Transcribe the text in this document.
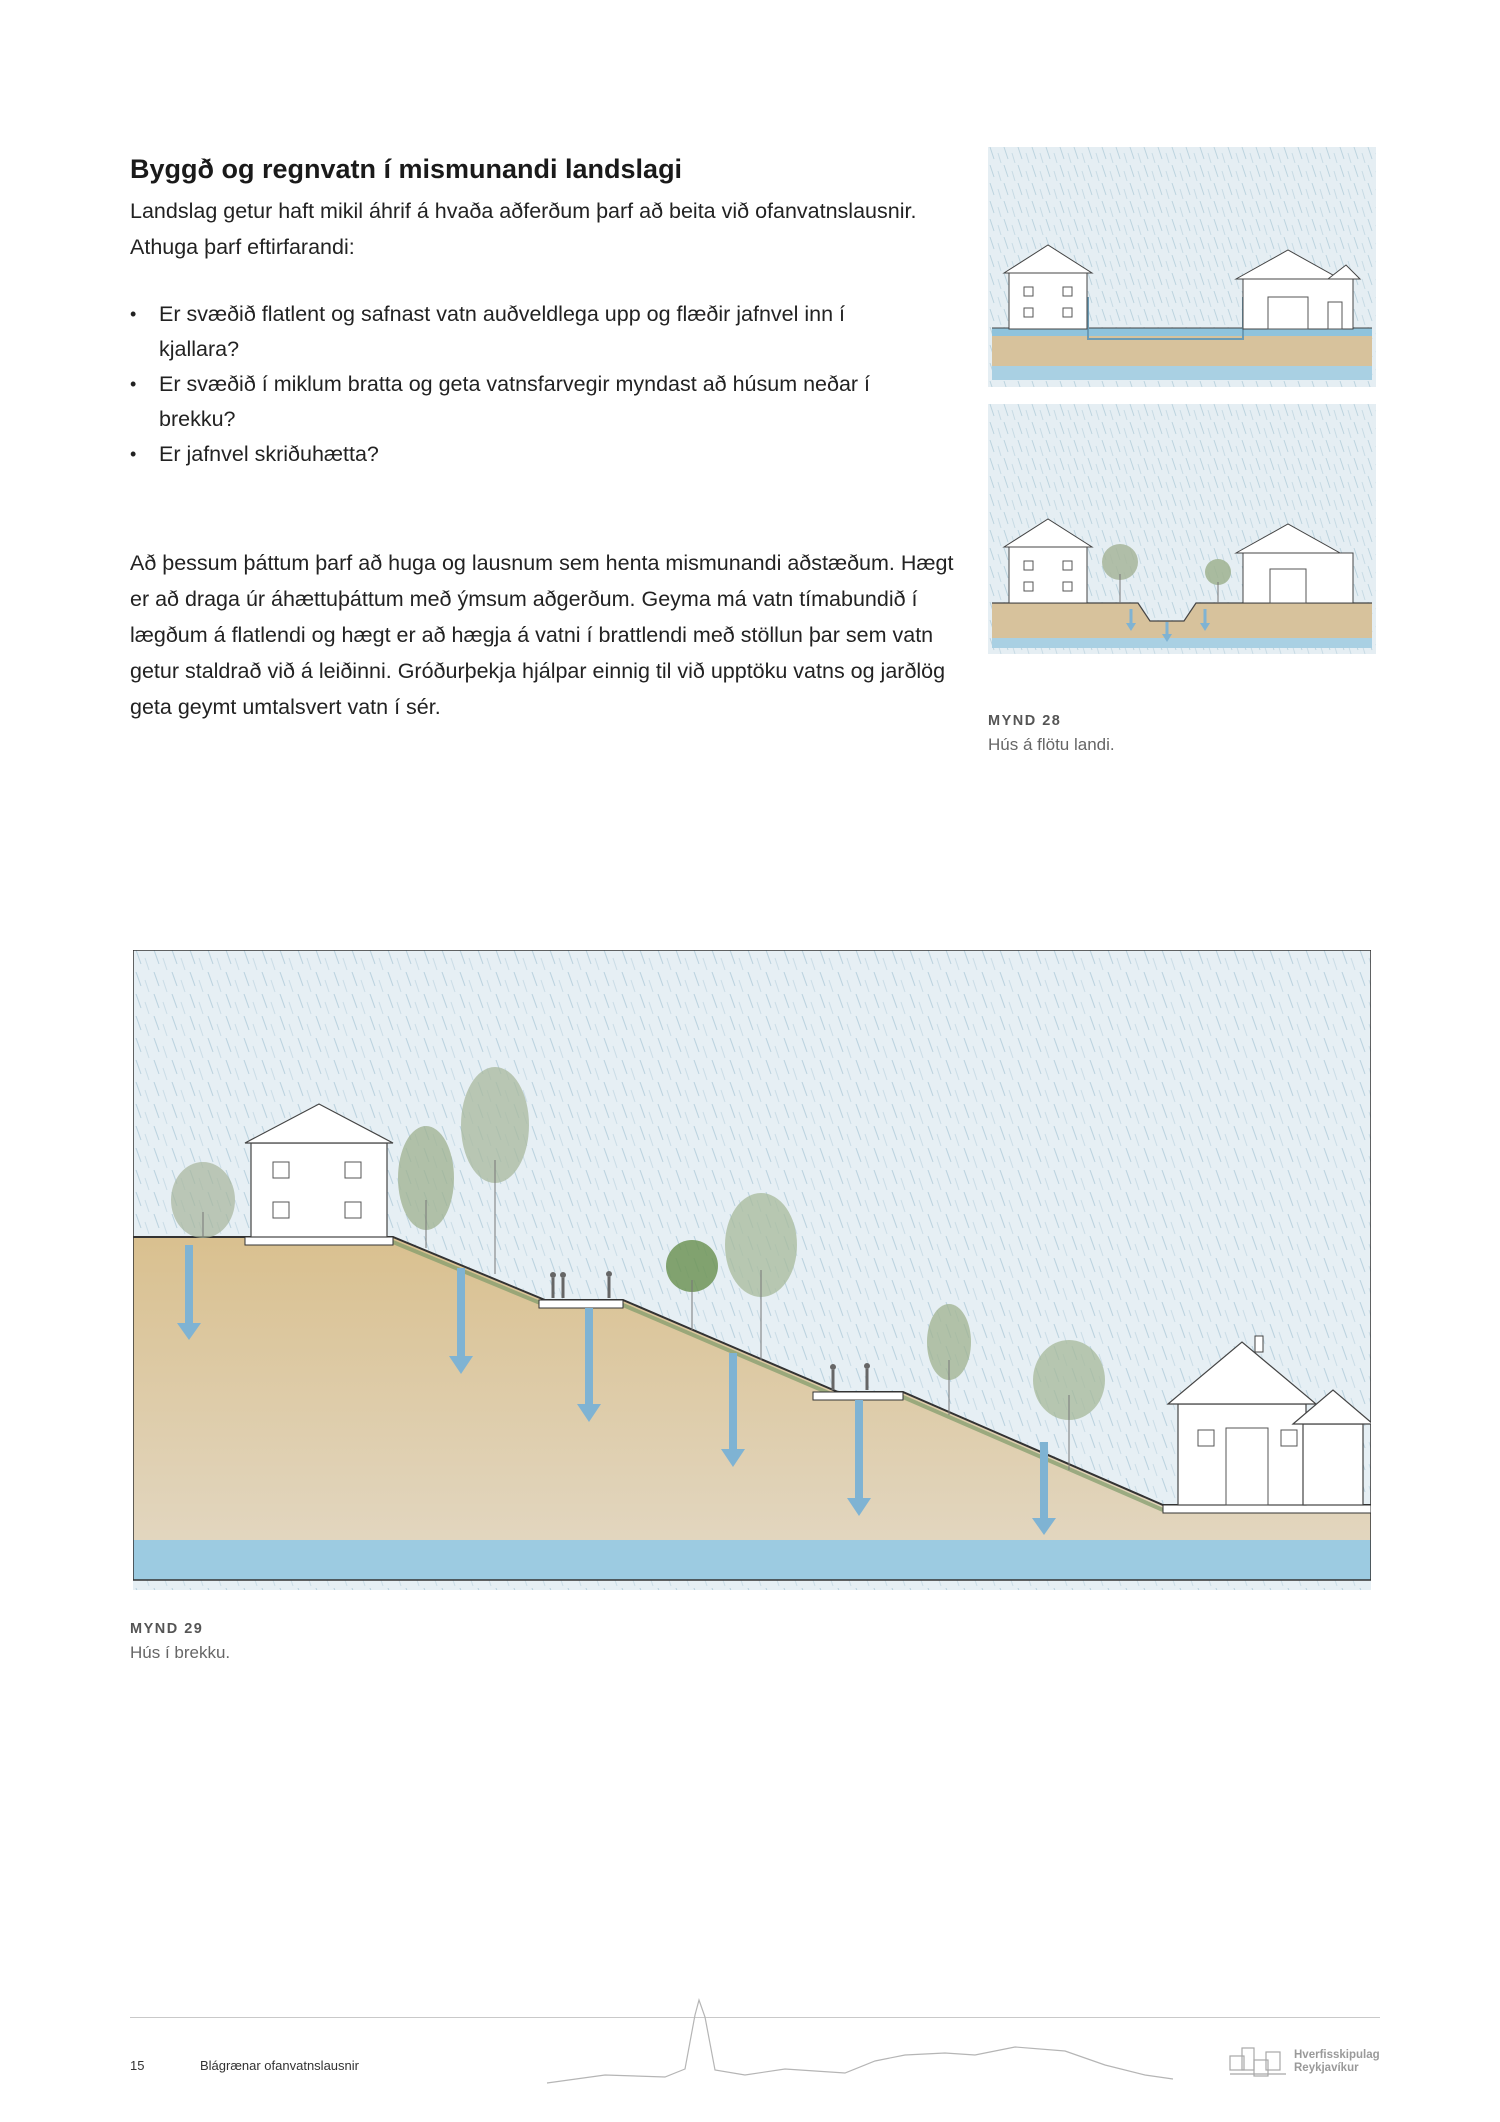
Byggð og regnvatn í mismunandi landslagi
Landslag getur haft mikil áhrif á hvaða aðferðum þarf að beita við ofanvatnslausnir. Athuga þarf eftirfarandi:
• Er svæðið flatlent og safnast vatn auðveldlega upp og flæðir jafnvel inn í kjallara?
• Er svæðið í miklum bratta og geta vatnsfarvegir myndast að húsum neðar í brekku?
• Er jafnvel skriðuhætta?
Að þessum þáttum þarf að huga og lausnum sem henta mismunandi aðstæðum. Hægt er að draga úr áhættuþáttum með ýmsum aðgerðum. Geyma má vatn tímabundið í lægðum á flatlendi og hægt er að hægja á vatni í brattlendi með stöllun þar sem vatn getur staldrað við á leiðinni. Gróðurþekja hjálpar einnig til við upptöku vatns og jarðlög geta geymt umtalsvert vatn í sér.
MYND 28
Hús á flötu landi.
MYND 29
Hús í brekku.
15	Blágrænar ofanvatnslausnir
Hverfisskipulag
Reykjavíkur
